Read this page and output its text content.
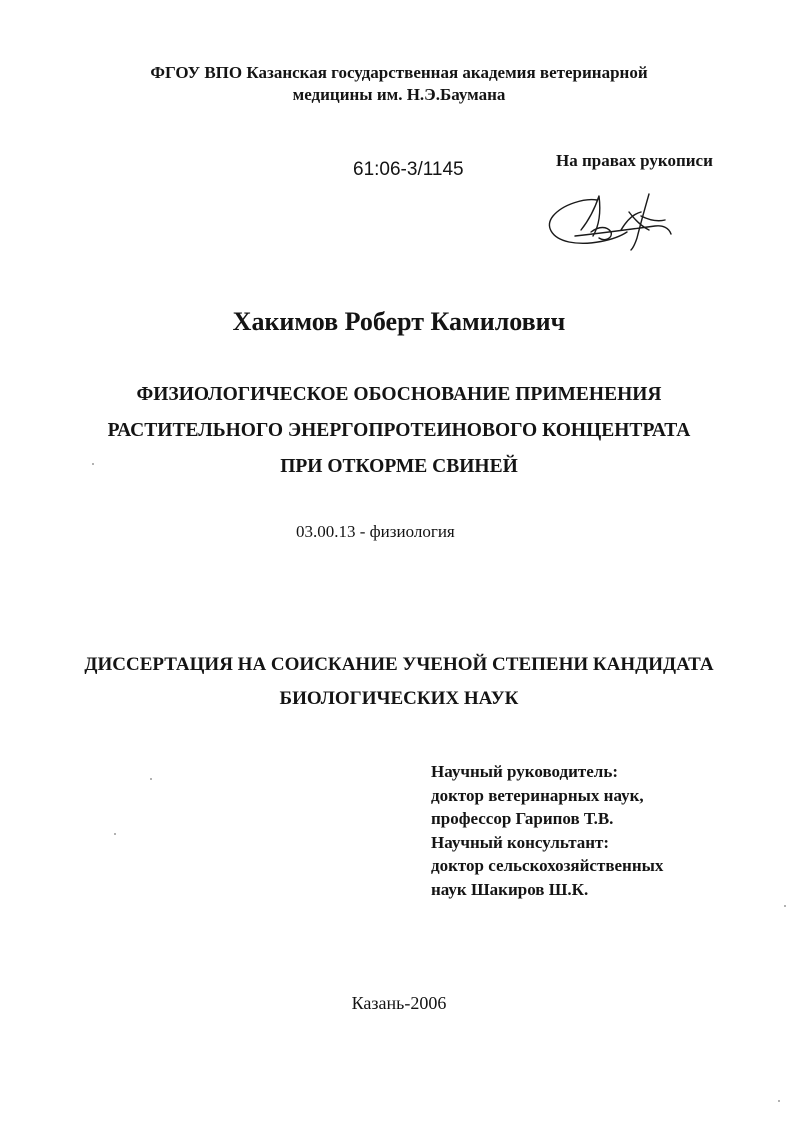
ФГОУ ВПО Казанская государственная академия ветеринарной
медицины им. Н.Э.Баумана
61:06-3/1145	На правах рукописи
Хакимов Роберт Камилович
ФИЗИОЛОГИЧЕСКОЕ ОБОСНОВАНИЕ ПРИМЕНЕНИЯ
РАСТИТЕЛЬНОГО ЭНЕРГОПРОТЕИНОВОГО КОНЦЕНТРАТА
ПРИ ОТКОРМЕ СВИНЕЙ
03.00.13 - физиология
ДИССЕРТАЦИЯ НА СОИСКАНИЕ УЧЕНОЙ СТЕПЕНИ КАНДИДАТА
БИОЛОГИЧЕСКИХ НАУК
Научный руководитель:
доктор ветеринарных наук,
профессор Гарипов Т.В.
Научный консультант:
доктор сельскохозяйственных
наук Шакиров Ш.К.
Казань-2006
